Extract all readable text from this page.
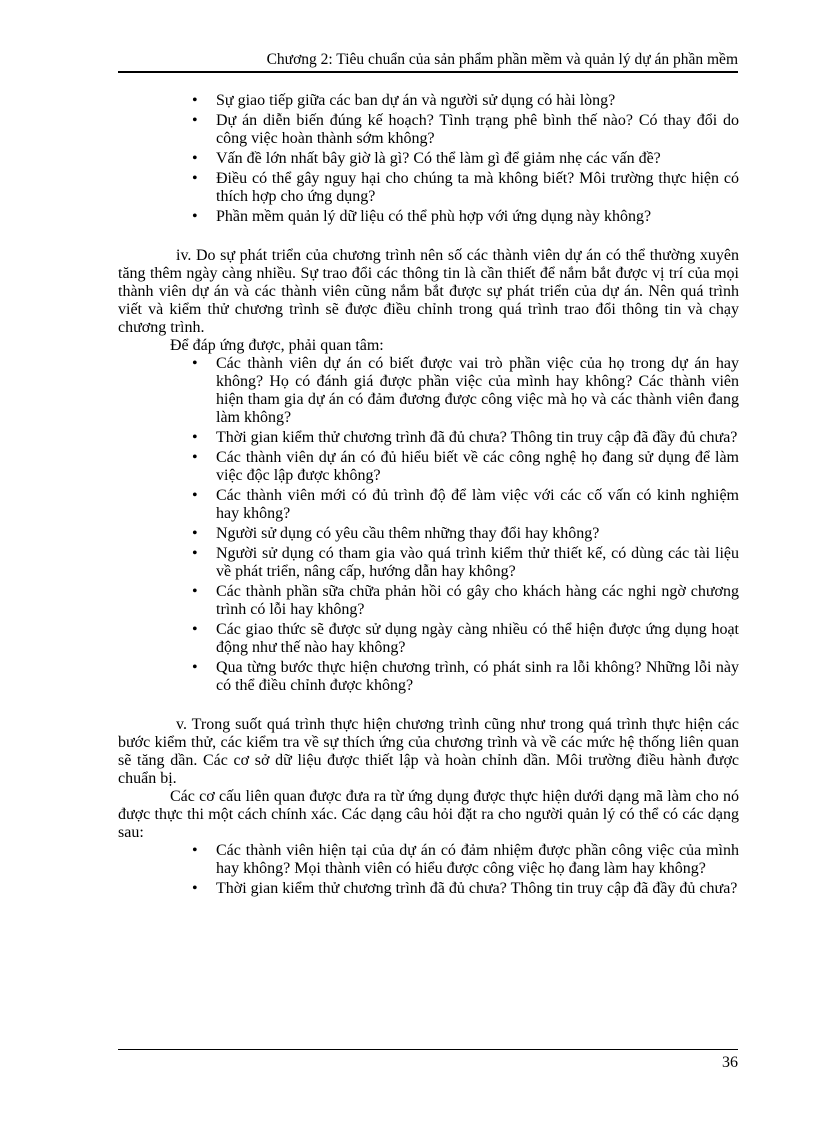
Chương 2: Tiêu chuẩn của sản phẩm phần mềm và quản lý dự án phần mềm
• Sự giao tiếp giữa các ban dự án và người sử dụng có hài lòng?
• Dự án diễn biến đúng kế hoạch? Tình trạng phê bình thế nào? Có thay đổi do công việc hoàn thành sớm không?
• Vấn đề lớn nhất bây giờ là gì? Có thể làm gì để giảm nhẹ các vấn đề?
• Điều có thể gây nguy hại cho chúng ta mà không biết? Môi trường thực hiện có thích hợp cho ứng dụng?
• Phần mềm quản lý dữ liệu có thể phù hợp với ứng dụng này không?

iv. Do sự phát triển của chương trình nên số các thành viên dự án có thể thường xuyên tăng thêm ngày càng nhiều. Sự trao đổi các thông tin là cần thiết để nắm bắt được vị trí của mọi thành viên dự án và các thành viên cũng nắm bắt được sự phát triển của dự án. Nên quá trình viết và kiểm thử chương trình sẽ được điều chỉnh trong quá trình trao đổi thông tin và chạy chương trình.

Để đáp ứng được, phải quan tâm:

• Các thành viên dự án có biết được vai trò phần việc của họ trong dự án hay không? Họ có đánh giá được phần việc của mình hay không? Các thành viên hiện tham gia dự án có đảm đương được công việc mà họ và các thành viên đang làm không?
• Thời gian kiểm thử chương trình đã đủ chưa? Thông tin truy cập đã đầy đủ chưa?
• Các thành viên dự án có đủ hiểu biết về các công nghệ họ đang sử dụng để làm việc độc lập được không?
• Các thành viên mới có đủ trình độ để làm việc với các cố vấn có kinh nghiệm hay không?
• Người sử dụng có yêu cầu thêm những thay đổi hay không?
• Người sử dụng có tham gia vào quá trình kiểm thử thiết kế, có dùng các tài liệu về phát triển, nâng cấp, hướng dẫn hay không?
• Các thành phần sữa chữa phản hồi có gây cho khách hàng các nghi ngờ chương trình có lỗi hay không?
• Các giao thức sẽ được sử dụng ngày càng nhiều có thể hiện được ứng dụng hoạt động như thế nào hay không?
• Qua từng bước thực hiện chương trình, có phát sinh ra lỗi không? Những lỗi này có thể điều chỉnh được không?

v. Trong suốt quá trình thực hiện chương trình cũng như trong quá trình thực hiện các bước kiểm thử, các kiểm tra về sự thích ứng của chương trình và về các mức hệ thống liên quan sẽ tăng dần. Các cơ sở dữ liệu được thiết lập và hoàn chỉnh dần. Môi trường điều hành được chuẩn bị.

Các cơ cấu liên quan được đưa ra từ ứng dụng được thực hiện dưới dạng mã làm cho nó được thực thi một cách chính xác. Các dạng câu hỏi đặt ra cho người quản lý có thể có các dạng sau:

• Các thành viên hiện tại của dự án có đảm nhiệm được phần công việc của mình hay không? Mọi thành viên có hiểu được công việc họ đang làm hay không?
• Thời gian kiểm thử chương trình đã đủ chưa? Thông tin truy cập đã đầy đủ chưa?
36
